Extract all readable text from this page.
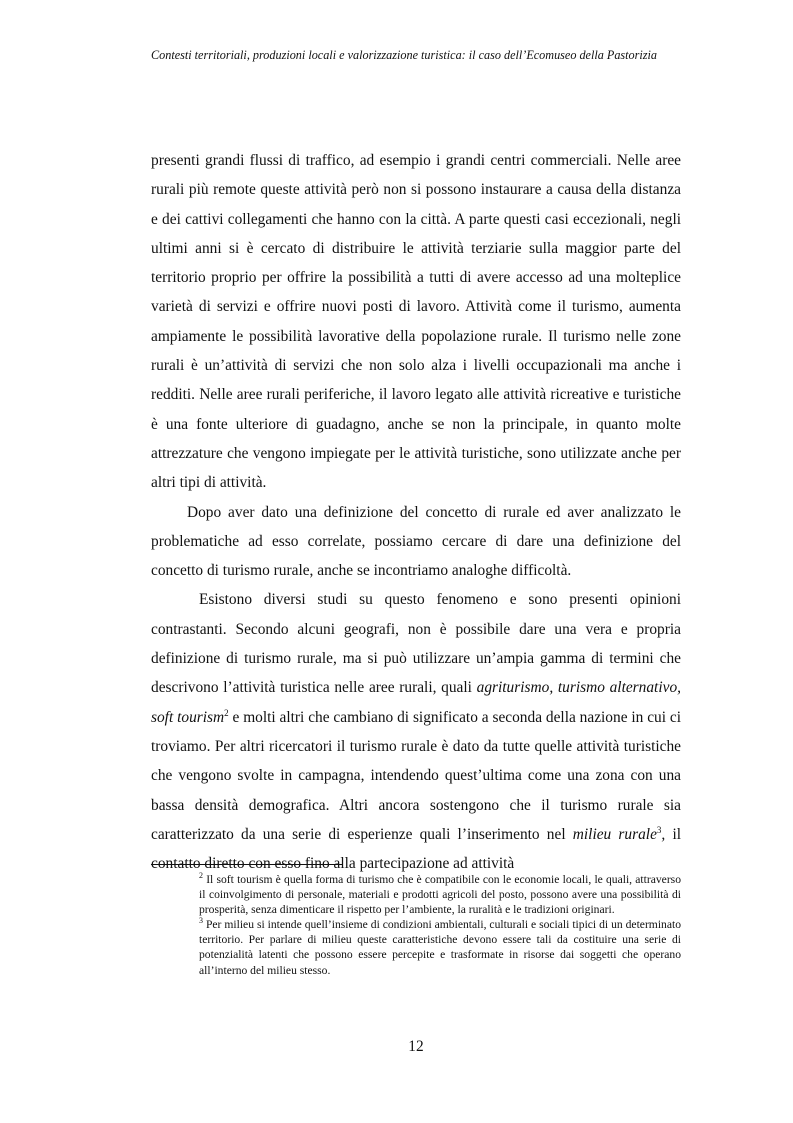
Contesti territoriali, produzioni locali e valorizzazione turistica: il caso dell’Ecomuseo della Pastorizia

presenti grandi flussi di traffico, ad esempio i grandi centri commerciali. Nelle aree rurali più remote queste attività però non si possono instaurare a causa della distanza e dei cattivi collegamenti che hanno con la città. A parte questi casi eccezionali, negli ultimi anni si è cercato di distribuire le attività terziarie sulla maggior parte del territorio proprio per offrire la possibilità a tutti di avere accesso ad una molteplice varietà di servizi e offrire nuovi posti di lavoro. Attività come il turismo, aumenta ampiamente le possibilità lavorative della popolazione rurale. Il turismo nelle zone rurali è un’attività di servizi che non solo alza i livelli occupazionali ma anche i redditi. Nelle aree rurali periferiche, il lavoro legato alle attività ricreative e turistiche è una fonte ulteriore di guadagno, anche se non la principale, in quanto molte attrezzature che vengono impiegate per le attività turistiche, sono utilizzate anche per altri tipi di attività.

Dopo aver dato una definizione del concetto di rurale ed aver analizzato le problematiche ad esso correlate, possiamo cercare di dare una definizione del concetto di turismo rurale, anche se incontriamo analoghe difficoltà.

Esistono diversi studi su questo fenomeno e sono presenti opinioni contrastanti. Secondo alcuni geografi, non è possibile dare una vera e propria definizione di turismo rurale, ma si può utilizzare un’ampia gamma di termini che descrivono l’attività turistica nelle aree rurali, quali agriturismo, turismo alternativo, soft tourism$^2$ e molti altri che cambiano di significato a seconda della nazione in cui ci troviamo. Per altri ricercatori il turismo rurale è dato da tutte quelle attività turistiche che vengono svolte in campagna, intendendo quest’ultima come una zona con una bassa densità demografica. Altri ancora sostengono che il turismo rurale sia caratterizzato da una serie di esperienze quali l’inserimento nel milieu rurale$^3$, il contatto diretto con esso fino alla partecipazione ad attività

$^2$ Il soft tourism è quella forma di turismo che è compatibile con le economie locali, le quali, attraverso il coinvolgimento di personale, materiali e prodotti agricoli del posto, possono avere una possibilità di prosperità, senza dimenticare il rispetto per l’ambiente, la ruralità e le tradizioni originari.

$^3$ Per milieu si intende quell’insieme di condizioni ambientali, culturali e sociali tipici di un determinato territorio. Per parlare di milieu queste caratteristiche devono essere tali da costituire una serie di potenzialità latenti che possono essere percepite e trasformate in risorse dai soggetti che operano all’interno del milieu stesso.

12
